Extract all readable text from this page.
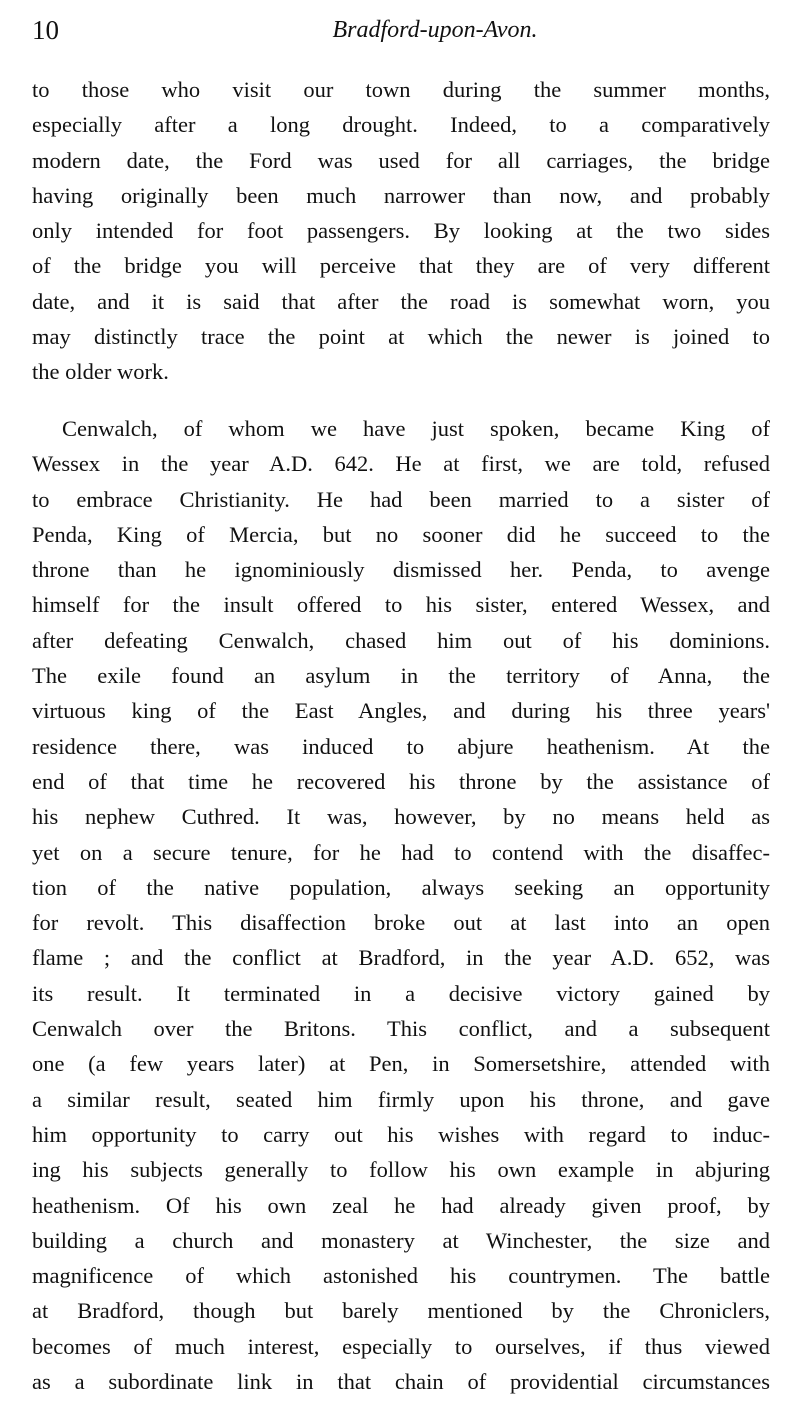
10	Bradford-upon-Avon.
to those who visit our town during the summer months,
especially after a long drought. Indeed, to a comparatively
modern date, the Ford was used for all carriages, the bridge
having originally been much narrower than now, and probably
only intended for foot passengers. By looking at the two sides
of the bridge you will perceive that they are of very different
date, and it is said that after the road is somewhat worn, you
may distinctly trace the point at which the newer is joined to
the older work.
Cenwalch, of whom we have just spoken, became King of
Wessex in the year A.D. 642. He at first, we are told, refused
to embrace Christianity. He had been married to a sister of
Penda, King of Mercia, but no sooner did he succeed to the
throne than he ignominiously dismissed her. Penda, to avenge
himself for the insult offered to his sister, entered Wessex, and
after defeating Cenwalch, chased him out of his dominions.
The exile found an asylum in the territory of Anna, the
virtuous king of the East Angles, and during his three years'
residence there, was induced to abjure heathenism. At the
end of that time he recovered his throne by the assistance of
his nephew Cuthred. It was, however, by no means held as
yet on a secure tenure, for he had to contend with the disaffec-
tion of the native population, always seeking an opportunity
for revolt. This disaffection broke out at last into an open
flame ; and the conflict at Bradford, in the year A.D. 652, was
its result. It terminated in a decisive victory gained by
Cenwalch over the Britons. This conflict, and a subsequent
one (a few years later) at Pen, in Somersetshire, attended with
a similar result, seated him firmly upon his throne, and gave
him opportunity to carry out his wishes with regard to induc-
ing his subjects generally to follow his own example in abjuring
heathenism. Of his own zeal he had already given proof, by
building a church and monastery at Winchester, the size and
magnificence of which astonished his countrymen. The battle
at Bradford, though but barely mentioned by the Chroniclers,
becomes of much interest, especially to ourselves, if thus viewed
as a subordinate link in that chain of providential circumstances
